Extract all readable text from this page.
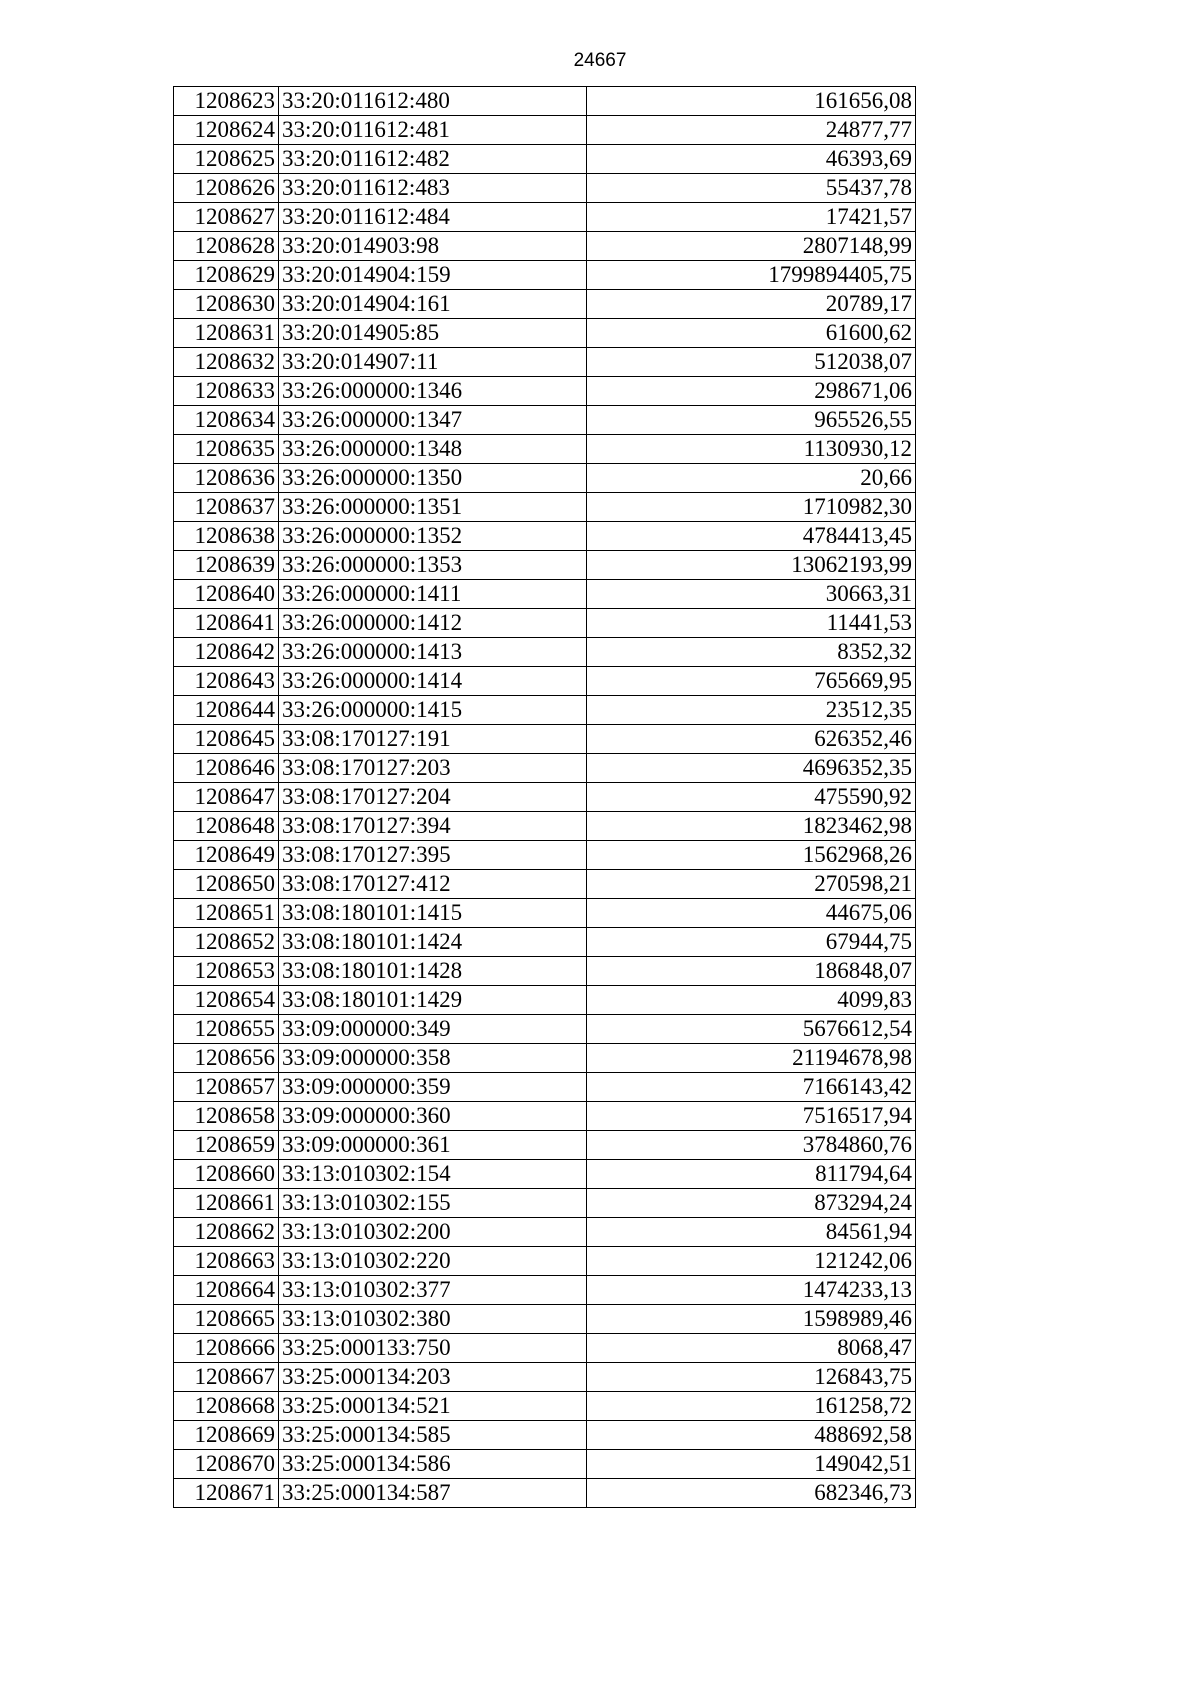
24667
1208623	33:20:011612:480	161656,08
1208624	33:20:011612:481	24877,77
1208625	33:20:011612:482	46393,69
1208626	33:20:011612:483	55437,78
1208627	33:20:011612:484	17421,57
1208628	33:20:014903:98	2807148,99
1208629	33:20:014904:159	1799894405,75
1208630	33:20:014904:161	20789,17
1208631	33:20:014905:85	61600,62
1208632	33:20:014907:11	512038,07
1208633	33:26:000000:1346	298671,06
1208634	33:26:000000:1347	965526,55
1208635	33:26:000000:1348	1130930,12
1208636	33:26:000000:1350	20,66
1208637	33:26:000000:1351	1710982,30
1208638	33:26:000000:1352	4784413,45
1208639	33:26:000000:1353	13062193,99
1208640	33:26:000000:1411	30663,31
1208641	33:26:000000:1412	11441,53
1208642	33:26:000000:1413	8352,32
1208643	33:26:000000:1414	765669,95
1208644	33:26:000000:1415	23512,35
1208645	33:08:170127:191	626352,46
1208646	33:08:170127:203	4696352,35
1208647	33:08:170127:204	475590,92
1208648	33:08:170127:394	1823462,98
1208649	33:08:170127:395	1562968,26
1208650	33:08:170127:412	270598,21
1208651	33:08:180101:1415	44675,06
1208652	33:08:180101:1424	67944,75
1208653	33:08:180101:1428	186848,07
1208654	33:08:180101:1429	4099,83
1208655	33:09:000000:349	5676612,54
1208656	33:09:000000:358	21194678,98
1208657	33:09:000000:359	7166143,42
1208658	33:09:000000:360	7516517,94
1208659	33:09:000000:361	3784860,76
1208660	33:13:010302:154	811794,64
1208661	33:13:010302:155	873294,24
1208662	33:13:010302:200	84561,94
1208663	33:13:010302:220	121242,06
1208664	33:13:010302:377	1474233,13
1208665	33:13:010302:380	1598989,46
1208666	33:25:000133:750	8068,47
1208667	33:25:000134:203	126843,75
1208668	33:25:000134:521	161258,72
1208669	33:25:000134:585	488692,58
1208670	33:25:000134:586	149042,51
1208671	33:25:000134:587	682346,73
